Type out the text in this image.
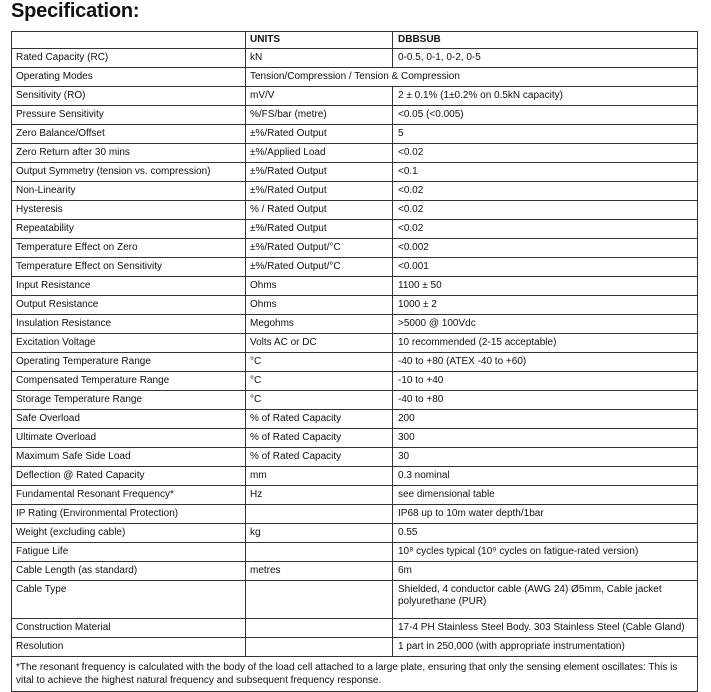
Specification:
	UNITS	DBBSUB
Rated Capacity (RC)	kN	0-0.5, 0-1, 0-2, 0-5
Operating Modes	Tension/Compression / Tension & Compression	
Sensitivity (RO)	mV/V	2 ± 0.1% (1±0.2% on 0.5kN capacity)
Pressure Sensitivity	%/FS/bar (metre)	<0.05 (<0.005)
Zero Balance/Offset	±%/Rated Output	5
Zero Return after 30 mins	±%/Applied Load	<0.02
Output Symmetry (tension vs. compression)	±%/Rated Output	<0.1
Non-Linearity	±%/Rated Output	<0.02
Hysteresis	% / Rated Output	<0.02
Repeatability	±%/Rated Output	<0.02
Temperature Effect on Zero	±%/Rated Output/°C	<0.002
Temperature Effect on Sensitivity	±%/Rated Output/°C	<0.001
Input Resistance	Ohms	1100 ± 50
Output Resistance	Ohms	1000 ± 2
Insulation Resistance	Megohms	>5000 @ 100Vdc
Excitation Voltage	Volts AC or DC	10 recommended (2-15 acceptable)
Operating Temperature Range	°C	-40 to +80 (ATEX -40 to +60)
Compensated Temperature Range	°C	-10 to +40
Storage Temperature Range	°C	-40 to +80
Safe Overload	% of Rated Capacity	200
Ultimate Overload	% of Rated Capacity	300
Maximum Safe Side Load	% of Rated Capacity	30
Deflection @ Rated Capacity	mm	0.3 nominal
Fundamental Resonant Frequency*	Hz	see dimensional table
IP Rating (Environmental Protection)		IP68 up to 10m water depth/1bar
Weight (excluding cable)	kg	0.55
Fatigue Life		10⁸ cycles typical (10⁹ cycles on fatigue-rated version)
Cable Length (as standard)	metres	6m
Cable Type		Shielded, 4 conductor cable (AWG 24) Ø5mm, Cable jacket polyurethane (PUR)
Construction Material		17-4 PH Stainless Steel Body. 303 Stainless Steel (Cable Gland)
Resolution		1 part in 250,000 (with appropriate instrumentation)
*The resonant frequency is calculated with the body of the load cell attached to a large plate, ensuring that only the sensing element oscillates: This is vital to achieve the highest natural frequency and subsequent frequency response.		
